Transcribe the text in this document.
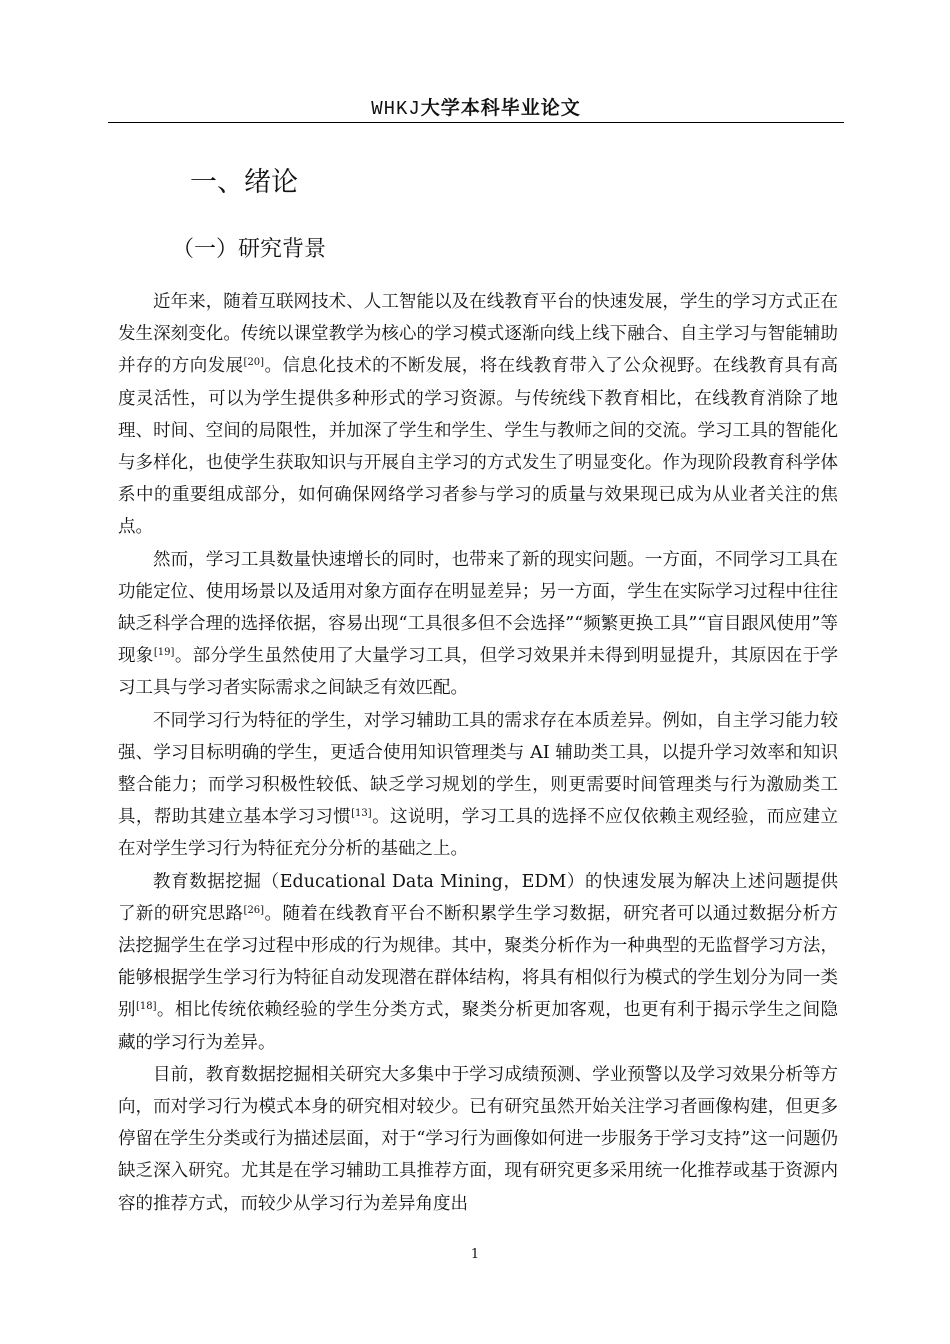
WHKJ大学本科毕业论文
一、绪论
（一）研究背景

近年来，随着互联网技术、人工智能以及在线教育平台的快速发展，学生的学习方式正在发生深刻变化。传统以课堂教学为核心的学习模式逐渐向线上线下融合、自主学习与智能辅助并存的方向发展[20]。信息化技术的不断发展，将在线教育带入了公众视野。在线教育具有高度灵活性，可以为学生提供多种形式的学习资源。与传统线下教育相比，在线教育消除了地理、时间、空间的局限性，并加深了学生和学生、学生与教师之间的交流。学习工具的智能化与多样化，也使学生获取知识与开展自主学习的方式发生了明显变化。作为现阶段教育科学体系中的重要组成部分，如何确保网络学习者参与学习的质量与效果现已成为从业者关注的焦点。

然而，学习工具数量快速增长的同时，也带来了新的现实问题。一方面，不同学习工具在功能定位、使用场景以及适用对象方面存在明显差异；另一方面，学生在实际学习过程中往往缺乏科学合理的选择依据，容易出现“工具很多但不会选择”“频繁更换工具”“盲目跟风使用”等现象[19]。部分学生虽然使用了大量学习工具，但学习效果并未得到明显提升，其原因在于学习工具与学习者实际需求之间缺乏有效匹配。

不同学习行为特征的学生，对学习辅助工具的需求存在本质差异。例如，自主学习能力较强、学习目标明确的学生，更适合使用知识管理类与 AI 辅助类工具，以提升学习效率和知识整合能力；而学习积极性较低、缺乏学习规划的学生，则更需要时间管理类与行为激励类工具，帮助其建立基本学习习惯[13]。这说明，学习工具的选择不应仅依赖主观经验，而应建立在对学生学习行为特征充分分析的基础之上。

教育数据挖掘（Educational Data Mining，EDM）的快速发展为解决上述问题提供了新的研究思路[26]。随着在线教育平台不断积累学生学习数据，研究者可以通过数据分析方法挖掘学生在学习过程中形成的行为规律。其中，聚类分析作为一种典型的无监督学习方法，能够根据学生学习行为特征自动发现潜在群体结构，将具有相似行为模式的学生划分为同一类别[18]。相比传统依赖经验的学生分类方式，聚类分析更加客观，也更有利于揭示学生之间隐藏的学习行为差异。

目前，教育数据挖掘相关研究大多集中于学习成绩预测、学业预警以及学习效果分析等方向，而对学习行为模式本身的研究相对较少。已有研究虽然开始关注学习者画像构建，但更多停留在学生分类或行为描述层面，对于“学习行为画像如何进一步服务于学习支持”这一问题仍缺乏深入研究。尤其是在学习辅助工具推荐方面，现有研究更多采用统一化推荐或基于资源内容的推荐方式，而较少从学习行为差异角度出

1
